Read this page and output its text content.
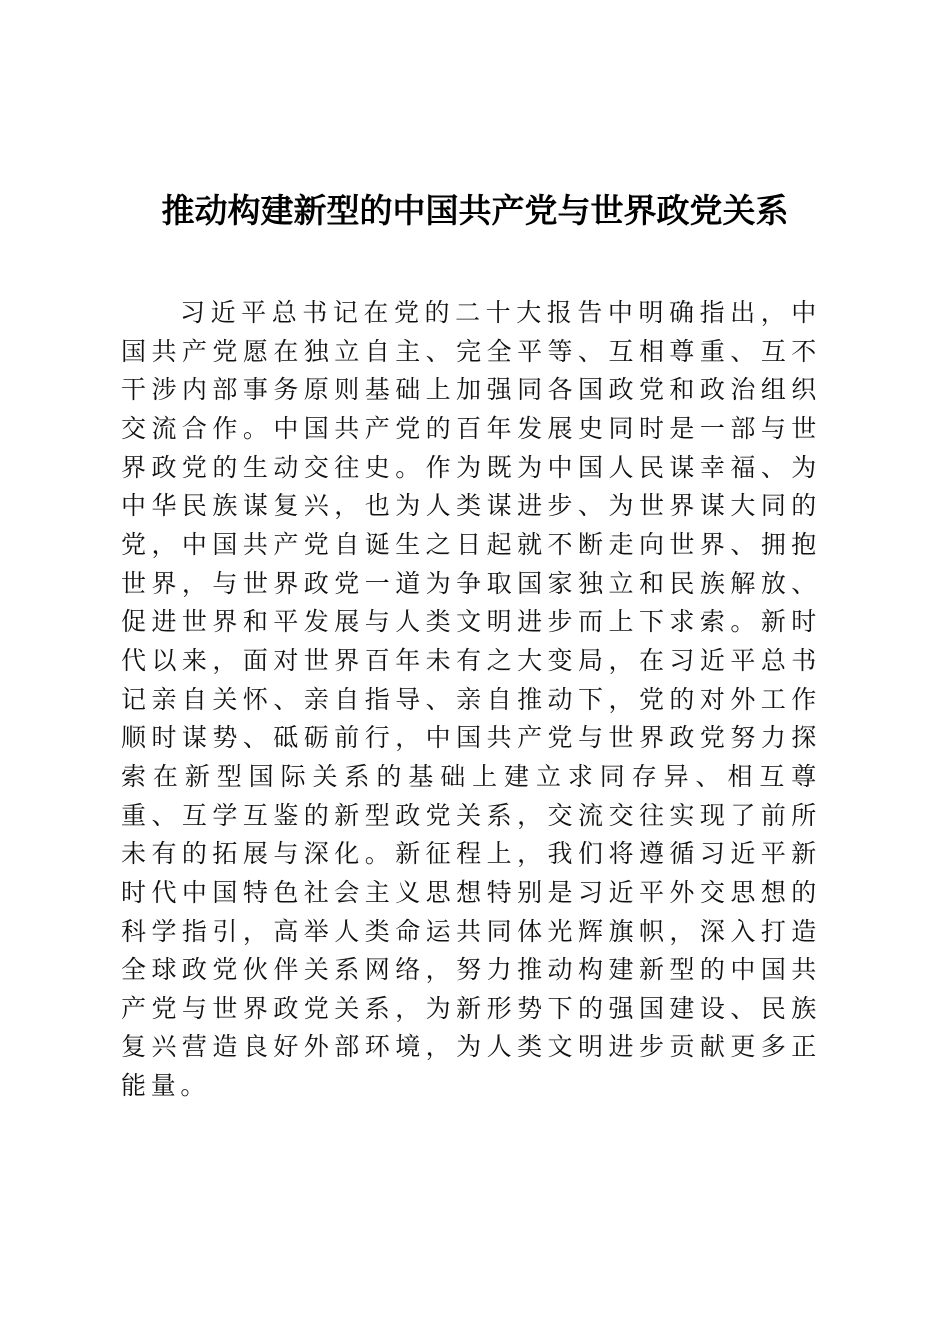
推动构建新型的中国共产党与世界政党关系

习近平总书记在党的二十大报告中明确指出，中国共产党愿在独立自主、完全平等、互相尊重、互不干涉内部事务原则基础上加强同各国政党和政治组织交流合作。中国共产党的百年发展史同时是一部与世界政党的生动交往史。作为既为中国人民谋幸福、为中华民族谋复兴，也为人类谋进步、为世界谋大同的党，中国共产党自诞生之日起就不断走向世界、拥抱世界，与世界政党一道为争取国家独立和民族解放、促进世界和平发展与人类文明进步而上下求索。新时代以来，面对世界百年未有之大变局，在习近平总书记亲自关怀、亲自指导、亲自推动下，党的对外工作顺时谋势、砥砺前行，中国共产党与世界政党努力探索在新型国际关系的基础上建立求同存异、相互尊重、互学互鉴的新型政党关系，交流交往实现了前所未有的拓展与深化。新征程上，我们将遵循习近平新时代中国特色社会主义思想特别是习近平外交思想的科学指引，高举人类命运共同体光辉旗帜，深入打造全球政党伙伴关系网络，努力推动构建新型的中国共产党与世界政党关系，为新形势下的强国建设、民族复兴营造良好外部环境，为人类文明进步贡献更多正能量。
